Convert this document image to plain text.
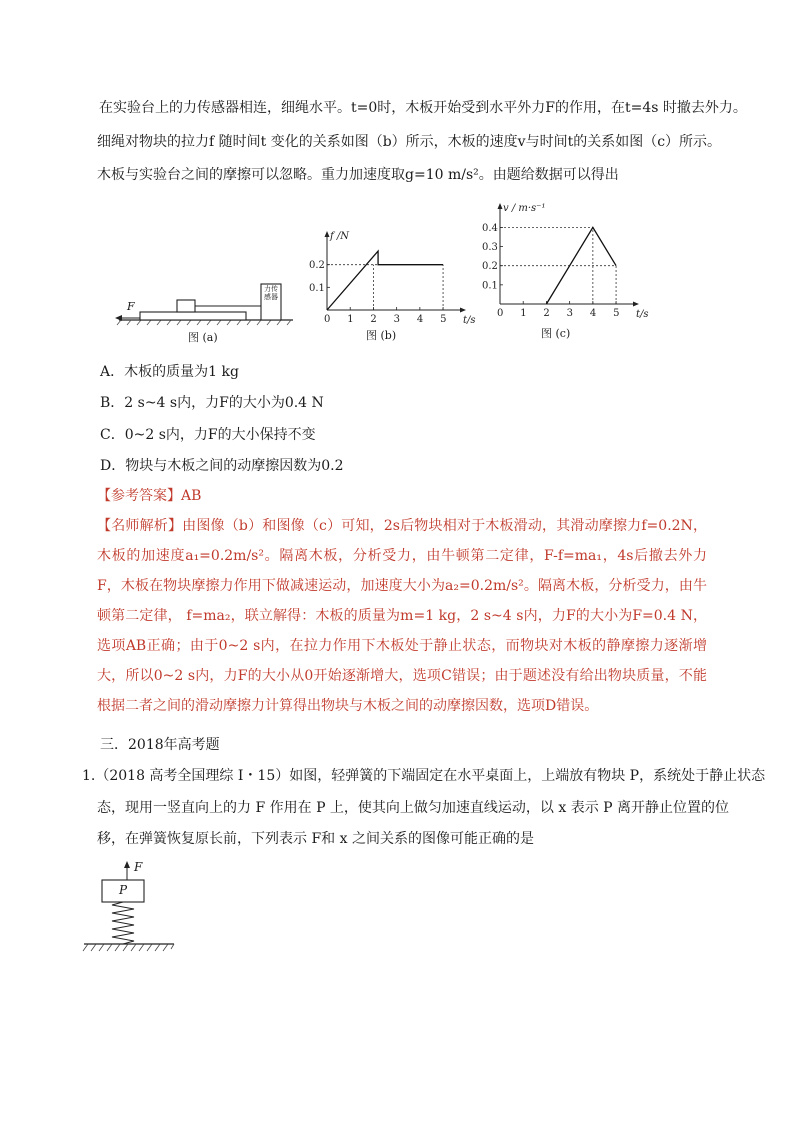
在实验台上的力传感器相连，细绳水平。t=0时，木板开始受到水平外力F的作用，在t=4s 时撤去外力。
细绳对物块的拉力f 随时间t 变化的关系如图（b）所示，木板的速度v与时间t的关系如图（c）所示。
木板与实验台之间的摩擦可以忽略。重力加速度取g=10 m/s²。由题给数据可以得出
F
力传感器
图 (a)
0 1 2 3 4 5
0.1
0.2
f /N
t/s
图 (b)
0 1 2 3 4 5
0.1
0.2
0.3
0.4
v / m·s⁻¹
t/s
图 (c)
A．木板的质量为1 kg
B．2 s~4 s内，力F的大小为0.4 N
C．0~2 s内，力F的大小保持不变
D．物块与木板之间的动摩擦因数为0.2
【参考答案】AB
【名师解析】由图像（b）和图像（c）可知，2s后物块相对于木板滑动，其滑动摩擦力f=0.2N，木板的加速度a₁=0.2m/s²。隔离木板，分析受力，由牛顿第二定律，F-f=ma₁，4s后撤去外力F，木板在物块摩擦力作用下做减速运动，加速度大小为a₂=0.2m/s²。隔离木板，分析受力，由牛顿第二定律， f=ma₂，联立解得：木板的质量为m=1 kg，2 s~4 s内，力F的大小为F=0.4 N，选项AB正确；由于0~2 s内，在拉力作用下木板处于静止状态，而物块对木板的静摩擦力逐渐增大，所以0~2 s内，力F的大小从0开始逐渐增大，选项C错误；由于题述没有给出物块质量，不能根据二者之间的滑动摩擦力计算得出物块与木板之间的动摩擦因数，选项D错误。
三．2018年高考题
1.（2018 高考全国理综 I・15）如图，轻弹簧的下端固定在水平桌面上，上端放有物块 P，系统处于静止状态
态，现用一竖直向上的力 F 作用在 P 上，使其向上做匀加速直线运动，以 x 表示 P 离开静止位置的位
移，在弹簧恢复原长前，下列表示 F和 x 之间关系的图像可能正确的是
F
P
